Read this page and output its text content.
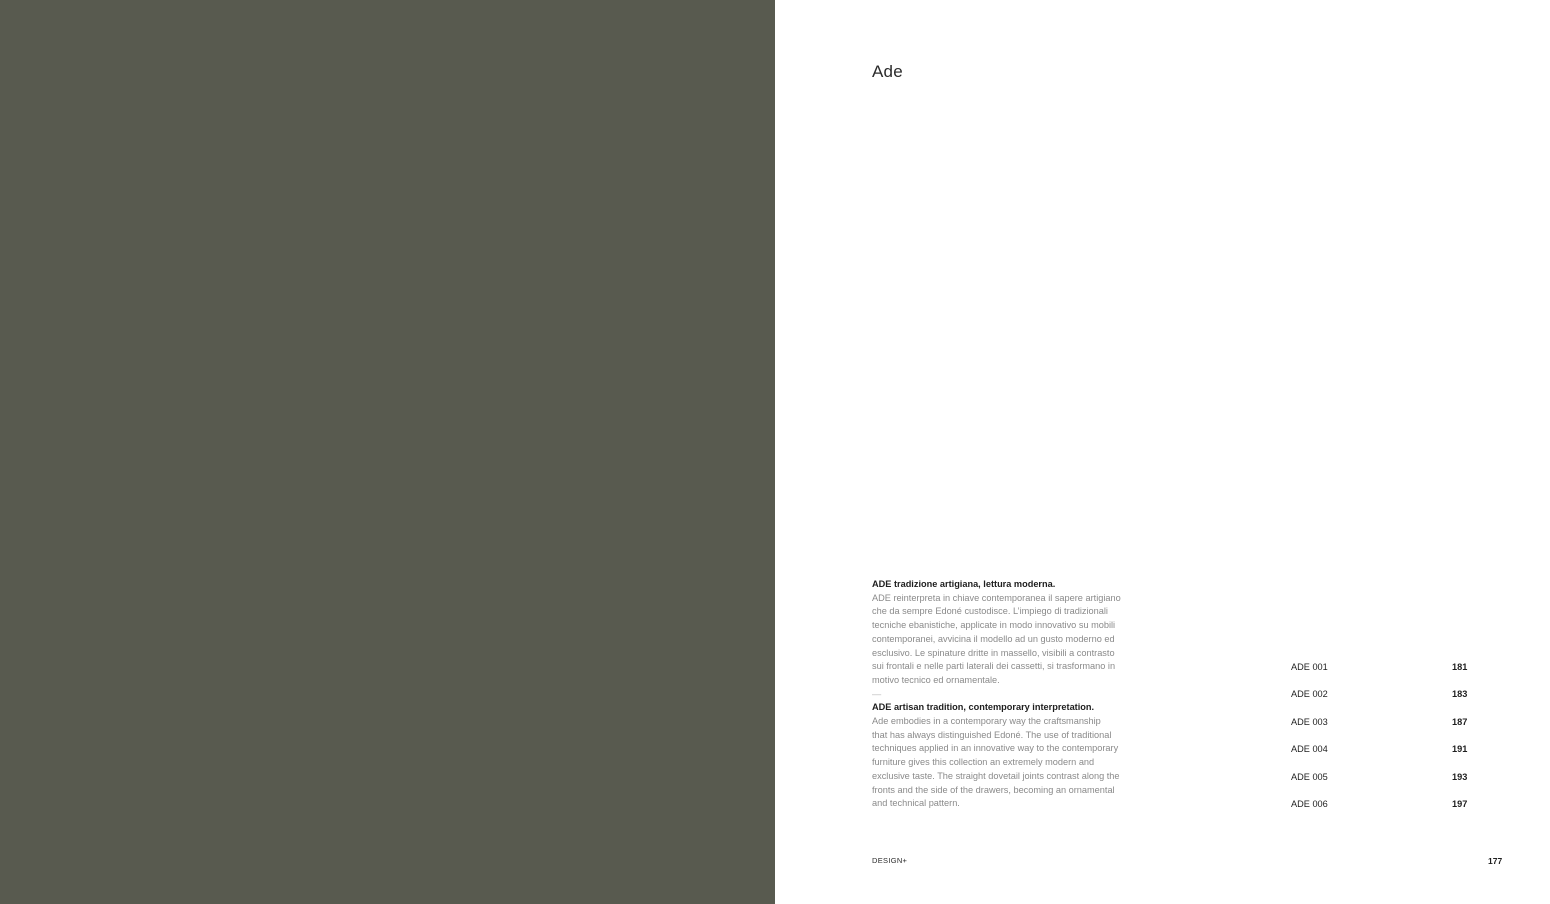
Ade
ADE tradizione artigiana, lettura moderna.
ADE reinterpreta in chiave contemporanea il sapere artigiano
che da sempre Edoné custodisce. L’impiego di tradizionali
tecniche ebanistiche, applicate in modo innovativo su mobili
contemporanei, avvicina il modello ad un gusto moderno ed
esclusivo. Le spinature dritte in massello, visibili a contrasto
sui frontali e nelle parti laterali dei cassetti, si trasformano in
motivo tecnico ed ornamentale.
—
ADE artisan tradition, contemporary interpretation.
Ade embodies in a contemporary way the craftsmanship
that has always distinguished Edoné. The use of traditional
techniques applied in an innovative way to the contemporary
furniture gives this collection an extremely modern and
exclusive taste. The straight dovetail joints contrast along the
fronts and the side of the drawers, becoming an ornamental
and technical pattern.
ADE 001	181
ADE 002	183
ADE 003	187
ADE 004	191
ADE 005	193
ADE 006	197
DESIGN+	177
